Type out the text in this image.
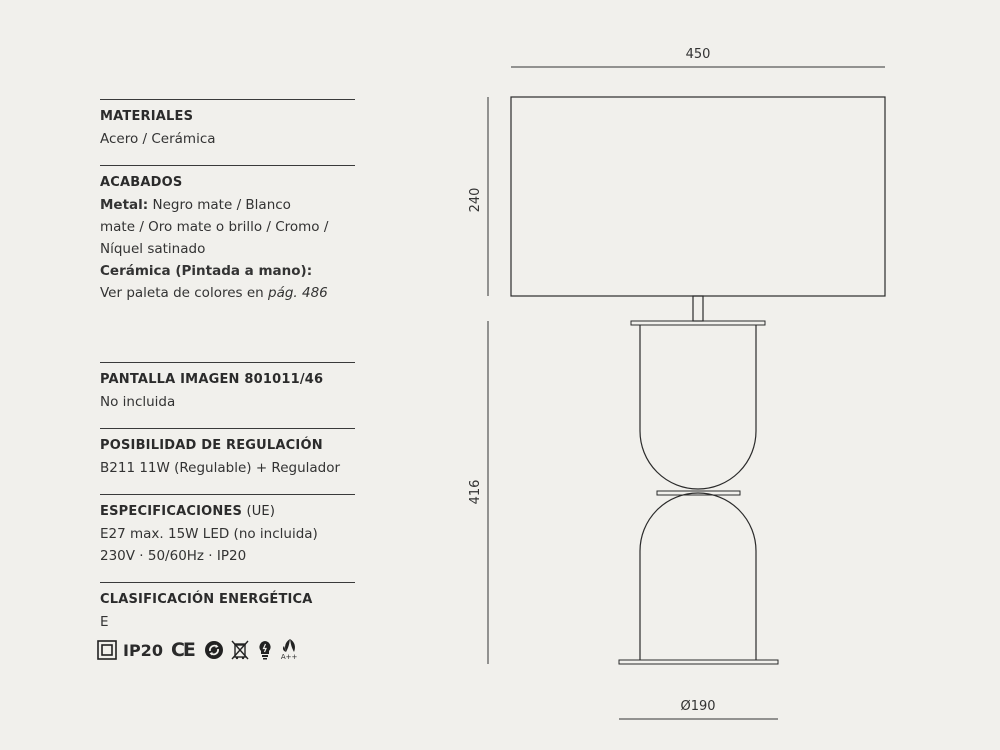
MATERIALES
Acero / Cerámica
ACABADOS
Metal: Negro mate / Blanco
mate / Oro mate o brillo / Cromo /
Níquel satinado
Cerámica (Pintada a mano):
Ver paleta de colores en pág. 486
PANTALLA IMAGEN 801011/46
No incluida
POSIBILIDAD DE REGULACIÓN
B211 11W (Regulable) + Regulador
ESPECIFICACIONES (UE)
E27 max. 15W LED (no incluida)
230V · 50/60Hz · IP20
CLASIFICACIÓN ENERGÉTICA
E
IP20 CE	A++
450
240
416
Ø190
